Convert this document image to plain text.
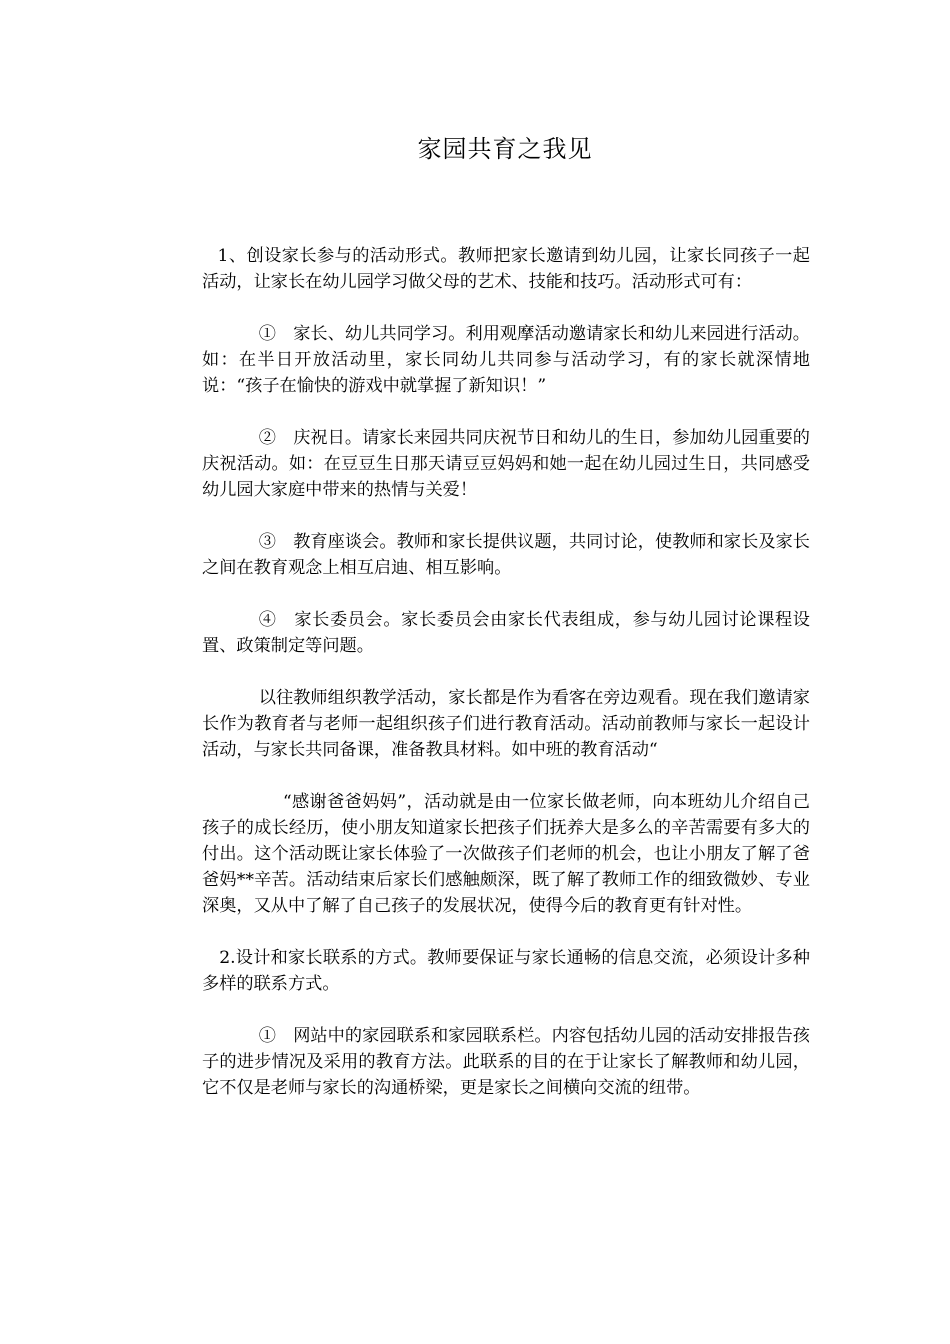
家园共育之我见

1、创设家长参与的活动形式。教师把家长邀请到幼儿园，让家长同孩子一起活动，让家长在幼儿园学习做父母的艺术、技能和技巧。活动形式可有：

①　家长、幼儿共同学习。利用观摩活动邀请家长和幼儿来园进行活动。如：在半日开放活动里，家长同幼儿共同参与活动学习，有的家长就深情地说：“孩子在愉快的游戏中就掌握了新知识！”

②　庆祝日。请家长来园共同庆祝节日和幼儿的生日，参加幼儿园重要的庆祝活动。如：在豆豆生日那天请豆豆妈妈和她一起在幼儿园过生日，共同感受幼儿园大家庭中带来的热情与关爱！

③　教育座谈会。教师和家长提供议题，共同讨论，使教师和家长及家长之间在教育观念上相互启迪、相互影响。

④　家长委员会。家长委员会由家长代表组成，参与幼儿园讨论课程设置、政策制定等问题。

以往教师组织教学活动，家长都是作为看客在旁边观看。现在我们邀请家长作为教育者与老师一起组织孩子们进行教育活动。活动前教师与家长一起设计活动，与家长共同备课，准备教具材料。如中班的教育活动“

“感谢爸爸妈妈”，活动就是由一位家长做老师，向本班幼儿介绍自己孩子的成长经历，使小朋友知道家长把孩子们抚养大是多么的辛苦需要有多大的付出。这个活动既让家长体验了一次做孩子们老师的机会，也让小朋友了解了爸爸妈**辛苦。活动结束后家长们感触颇深，既了解了教师工作的细致微妙、专业深奥，又从中了解了自己孩子的发展状况，使得今后的教育更有针对性。

2.设计和家长联系的方式。教师要保证与家长通畅的信息交流，必须设计多种多样的联系方式。

①　网站中的家园联系和家园联系栏。内容包括幼儿园的活动安排报告孩子的进步情况及采用的教育方法。此联系的目的在于让家长了解教师和幼儿园，它不仅是老师与家长的沟通桥梁，更是家长之间横向交流的纽带。
